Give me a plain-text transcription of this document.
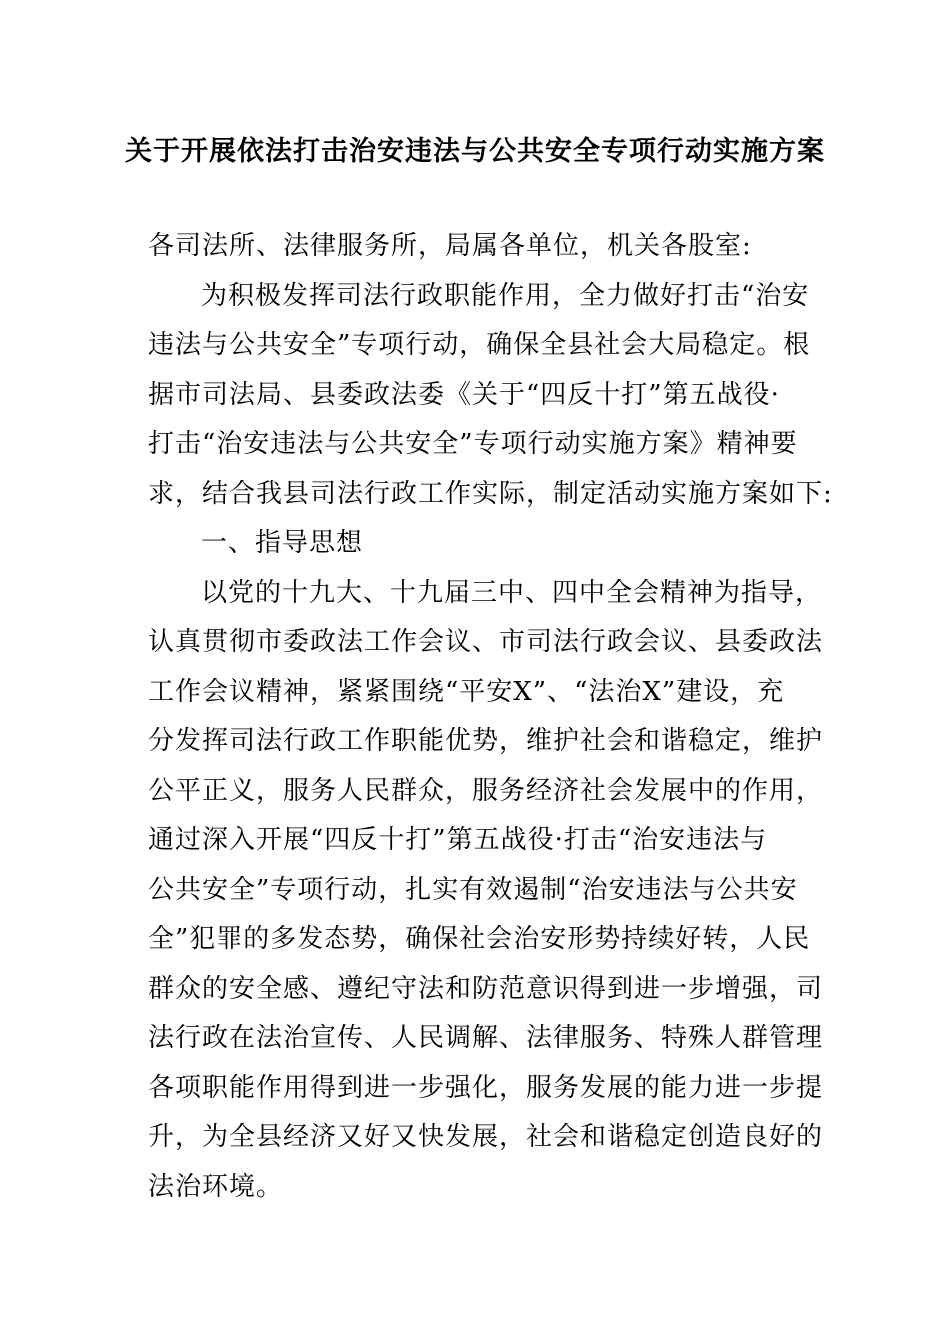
关于开展依法打击治安违法与公共安全专项行动实施方案
各司法所、法律服务所，局属各单位，机关各股室:
为积极发挥司法行政职能作用，全力做好打击“治安
违法与公共安全”专项行动，确保全县社会大局稳定。根
据市司法局、县委政法委《关于“四反十打”第五战役·
打击“治安违法与公共安全”专项行动实施方案》精神要
求，结合我县司法行政工作实际，制定活动实施方案如下:
一、指导思想
以党的十九大、十九届三中、四中全会精神为指导，
认真贯彻市委政法工作会议、市司法行政会议、县委政法
工作会议精神，紧紧围绕“平安X”、“法治X”建设，充
分发挥司法行政工作职能优势，维护社会和谐稳定，维护
公平正义，服务人民群众，服务经济社会发展中的作用，
通过深入开展“四反十打”第五战役·打击“治安违法与
公共安全”专项行动，扎实有效遏制“治安违法与公共安
全”犯罪的多发态势，确保社会治安形势持续好转，人民
群众的安全感、遵纪守法和防范意识得到进一步增强，司
法行政在法治宣传、人民调解、法律服务、特殊人群管理
各项职能作用得到进一步强化，服务发展的能力进一步提
升，为全县经济又好又快发展，社会和谐稳定创造良好的
法治环境。
